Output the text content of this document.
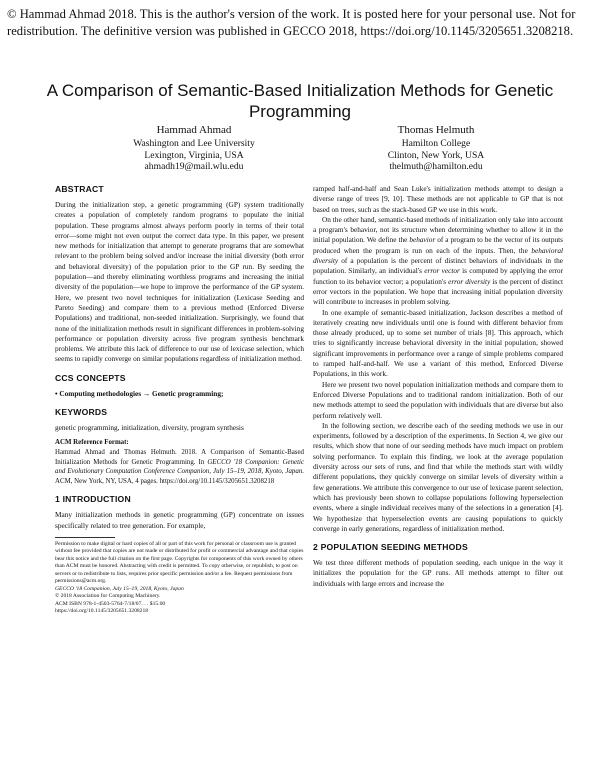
© Hammad Ahmad 2018. This is the author's version of the work. It is posted here for your personal use. Not for redistribution. The definitive version was published in GECCO 2018, https://doi.org/10.1145/3205651.3208218.
A Comparison of Semantic-Based Initialization Methods for Genetic Programming
Hammad Ahmad
Washington and Lee University
Lexington, Virginia, USA
ahmadh19@mail.wlu.edu
Thomas Helmuth
Hamilton College
Clinton, New York, USA
thelmuth@hamilton.edu
ABSTRACT

During the initialization step, a genetic programming (GP) system traditionally creates a population of completely random programs to populate the initial population. These programs almost always perform poorly in terms of their total error—some might not even output the correct data type. In this paper, we present new methods for initialization that attempt to generate programs that are somewhat relevant to the problem being solved and/or increase the initial diversity (both error and behavioral diversity) of the population prior to the GP run. By seeding the population—and thereby eliminating worthless programs and increasing the initial diversity of the population—we hope to improve the performance of the GP system. Here, we present two novel techniques for initialization (Lexicase Seeding and Pareto Seeding) and compare them to a previous method (Enforced Diverse Populations) and traditional, non-seeded initialization. Surprisingly, we found that none of the initialization methods result in significant differences in problem-solving performance or population diversity across five program synthesis benchmark problems. We attribute this lack of difference to our use of lexicase selection, which seems to rapidly converge on similar populations regardless of initialization method.

CCS CONCEPTS

• Computing methodologies → Genetic programming;

KEYWORDS

genetic programming, initialization, diversity, program synthesis

ACM Reference Format:

Hammad Ahmad and Thomas Helmuth. 2018. A Comparison of Semantic-Based Initialization Methods for Genetic Programming. In GECCO '18 Companion: Genetic and Evolutionary Computation Conference Companion, July 15–19, 2018, Kyoto, Japan. ACM, New York, NY, USA, 4 pages. https://doi.org/10.1145/3205651.3208218

1 INTRODUCTION

Many initialization methods in genetic programming (GP) concentrate on issues specifically related to tree generation. For example,

Permission to make digital or hard copies of all or part of this work for personal or classroom use is granted without fee provided that copies are not made or distributed for profit or commercial advantage and that copies bear this notice and the full citation on the first page. Copyrights for components of this work owned by others than ACM must be honored. Abstracting with credit is permitted. To copy otherwise, or republish, to post on servers or to redistribute to lists, requires prior specific permission and/or a fee. Request permissions from permissions@acm.org.

GECCO '18 Companion, July 15–19, 2018, Kyoto, Japan

© 2018 Association for Computing Machinery.

ACM ISBN 978-1-4503-5764-7/18/07. . . $15.00

https://doi.org/10.1145/3205651.3208218

ramped half-and-half and Sean Luke's initialization methods attempt to design a diverse range of trees [9, 10]. These methods are not applicable to GP that is not based on trees, such as the stack-based GP we use in this work.

On the other hand, semantic-based methods of initialization only take into account a program's behavior, not its structure when determining whether to allow it in the initial population. We define the behavior of a program to be the vector of its outputs produced when the program is run on each of the inputs. Then, the behavioral diversity of a population is the percent of distinct behaviors of individuals in the population. Similarly, an individual's error vector is computed by applying the error function to its behavior vector; a population's error diversity is the percent of distinct error vectors in the population. We hope that increasing initial population diversity will contribute to increases in problem solving.

In one example of semantic-based initialization, Jackson describes a method of iteratively creating new individuals until one is found with different behavior from those already produced, up to some set number of trials [8]. This approach, which tries to significantly increase behavioral diversity in the initial population, showed significant improvements in performance over a range of simple problems compared to ramped half-and-half. We use a variant of this method, Enforced Diverse Populations, in this work.

Here we present two novel population initialization methods and compare them to Enforced Diverse Populations and to traditional random initialization. Both of our new methods attempt to seed the population with individuals that are diverse but also perform relatively well.

In the following section, we describe each of the seeding methods we use in our experiments, followed by a description of the experiments. In Section 4, we give our results, which show that none of our seeding methods have much impact on problem solving performance. To explain this finding, we look at the average population diversity across our sets of runs, and find that while the methods start with wildly different populations, they quickly converge on similar levels of diversity within a few generations. We attribute this convergence to our use of lexicase parent selection, which has previously been shown to collapse populations following hyperselection events, where a single individual receives many of the selections in a generation [4]. We hypothesize that hyperselection events are causing populations to quickly converge in early generations, regardless of initialization method.

2 POPULATION SEEDING METHODS

We test three different methods of population seeding, each unique in the way it initializes the population for the GP runs. All methods attempt to filter out individuals with large errors and increase the
